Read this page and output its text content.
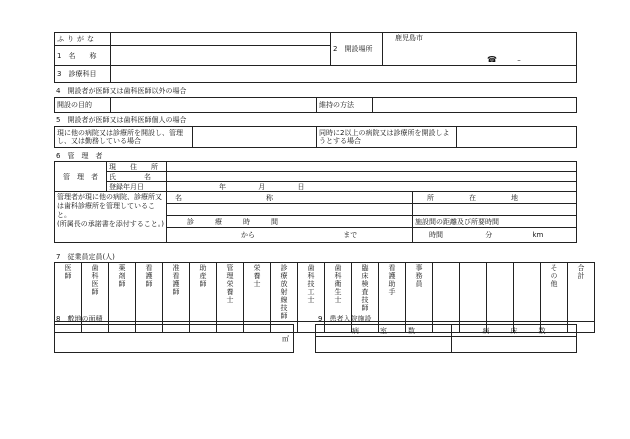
ふりがな		2　開設場所	鹿児島市
☎ –

1　名　　称			
3　診療科目			
4　開設者が医師又は歯科医師以外の場合
開設の目的		維持の方法	
5　開設者が医師又は歯科医師個人の場合
現に他の病院又は診療所を開設し、管理し、又は勤務している場合		同時に2以上の病院又は診療所を開設しようとする場合	
6　管　理　者
管　理　者	現　　住　　所		
	氏　　　　名		
	登録年月日	年 月 日	

管理者が現に他の病院、診療所又は歯科診療所を管理していること。
(所属長の承諾書を添付すること。)		名　　　　　　　　　　　　称	所　　　　　在　　　　　地

		診　　　療　　　時　　　間	施設間の距離及び所要時間
		から まで	時間 分 km
7　従業員定員(人)
医師	歯科医師	薬剤師	看護師	准看護師	助産師	管理栄養士	栄養士	診療放射線技師	歯科技工士	歯科衛生士	臨床検査技師	看護助手	事務員					その他	合計

8　敷地の面積
㎡
9　患者入院施設
病　　　室　　　数	病　　　床　　　数
